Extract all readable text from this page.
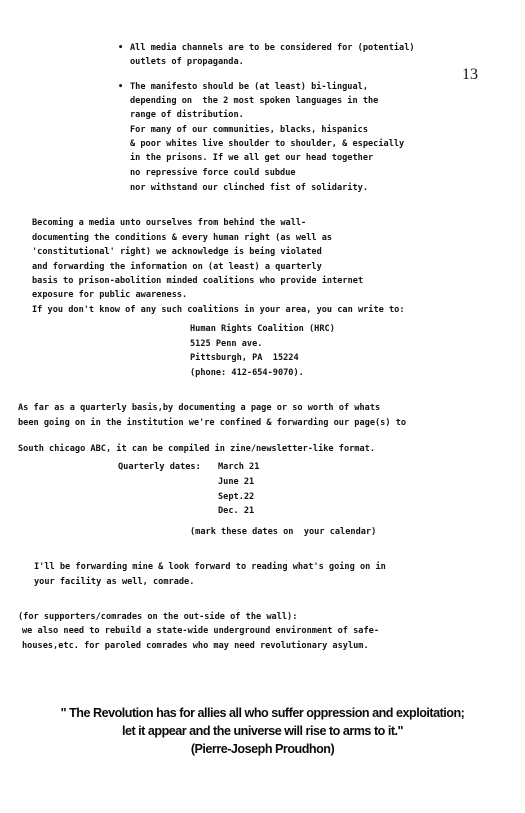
13
• All media channels are to be considered for (potential)
outlets of propaganda.
• The manifesto should be (at least) bi-lingual,
depending on  the 2 most spoken languages in the
range of distribution.
For many of our communities, blacks, hispanics
& poor whites live shoulder to shoulder, & especially
in the prisons. If we all get our head together
no repressive force could subdue
nor withstand our clinched fist of solidarity.
Becoming a media unto ourselves from behind the wall-
documenting the conditions & every human right (as well as
'constitutional' right) we acknowledge is being violated
and forwarding the information on (at least) a quarterly
basis to prison-abolition minded coalitions who provide internet
exposure for public awareness.
If you don't know of any such coalitions in your area, you can write to:
Human Rights Coalition (HRC)
5125 Penn ave.
Pittsburgh, PA  15224
(phone: 412-654-9070).
As far as a quarterly basis,by documenting a page or so worth of whats
been going on in the institution we're confined & forwarding our page(s) to
South chicago ABC, it can be compiled in zine/newsletter-like format.
Quarterly dates: March 21
June 21
Sept.22
Dec. 21
(mark these dates on  your calendar)
I'll be forwarding mine & look forward to reading what's going on in
your facility as well, comrade.
(for supporters/comrades on the out-side of the wall):
we also need to rebuild a state-wide underground environment of safe-
houses,etc. for paroled comrades who may need revolutionary asylum.
" The Revolution has for allies all who suffer oppression and exploitation;
let it appear and the universe will rise to arms to it."
(Pierre-Joseph Proudhon)
